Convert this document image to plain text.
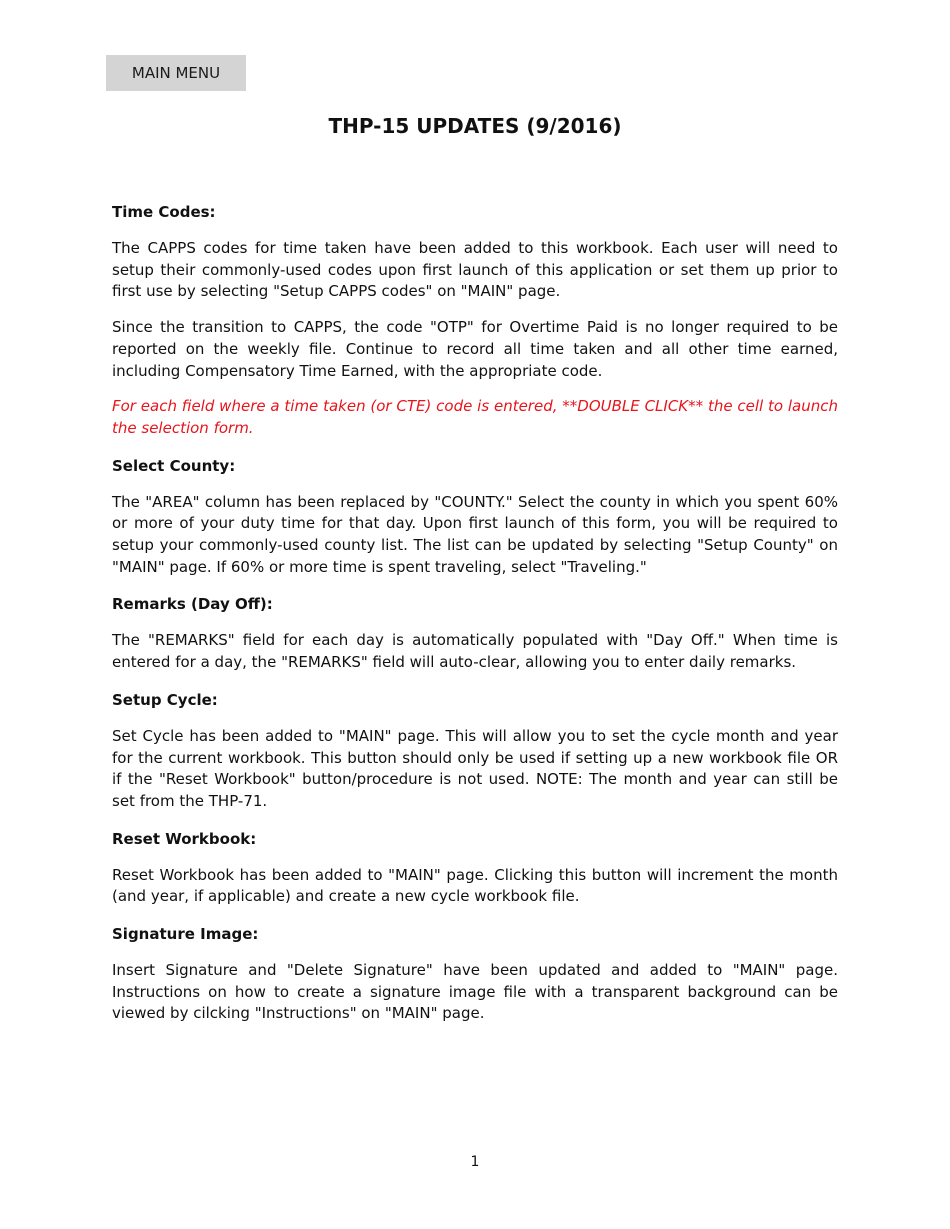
MAIN MENU
THP-15 UPDATES (9/2016)
Time Codes:

The CAPPS codes for time taken have been added to this workbook. Each user will need to setup their commonly-used codes upon first launch of this application or set them up prior to first use by selecting "Setup CAPPS codes" on "MAIN" page.

Since the transition to CAPPS, the code "OTP" for Overtime Paid is no longer required to be reported on the weekly file. Continue to record all time taken and all other time earned, including Compensatory Time Earned, with the appropriate code.

For each field where a time taken (or CTE) code is entered, **DOUBLE CLICK** the cell to launch the selection form.

Select County:

The "AREA" column has been replaced by "COUNTY." Select the county in which you spent 60% or more of your duty time for that day. Upon first launch of this form, you will be required to setup your commonly-used county list. The list can be updated by selecting "Setup County" on "MAIN" page. If 60% or more time is spent traveling, select "Traveling."

Remarks (Day Off):

The "REMARKS" field for each day is automatically populated with "Day Off." When time is entered for a day, the "REMARKS" field will auto-clear, allowing you to enter daily remarks.

Setup Cycle:

Set Cycle has been added to "MAIN" page. This will allow you to set the cycle month and year for the current workbook. This button should only be used if setting up a new workbook file OR if the "Reset Workbook" button/procedure is not used. NOTE: The month and year can still be set from the THP-71.

Reset Workbook:

Reset Workbook has been added to "MAIN" page. Clicking this button will increment the month (and year, if applicable) and create a new cycle workbook file.

Signature Image:

Insert Signature and "Delete Signature" have been updated and added to "MAIN" page. Instructions on how to create a signature image file with a transparent background can be viewed by cilcking "Instructions" on "MAIN" page.

1
